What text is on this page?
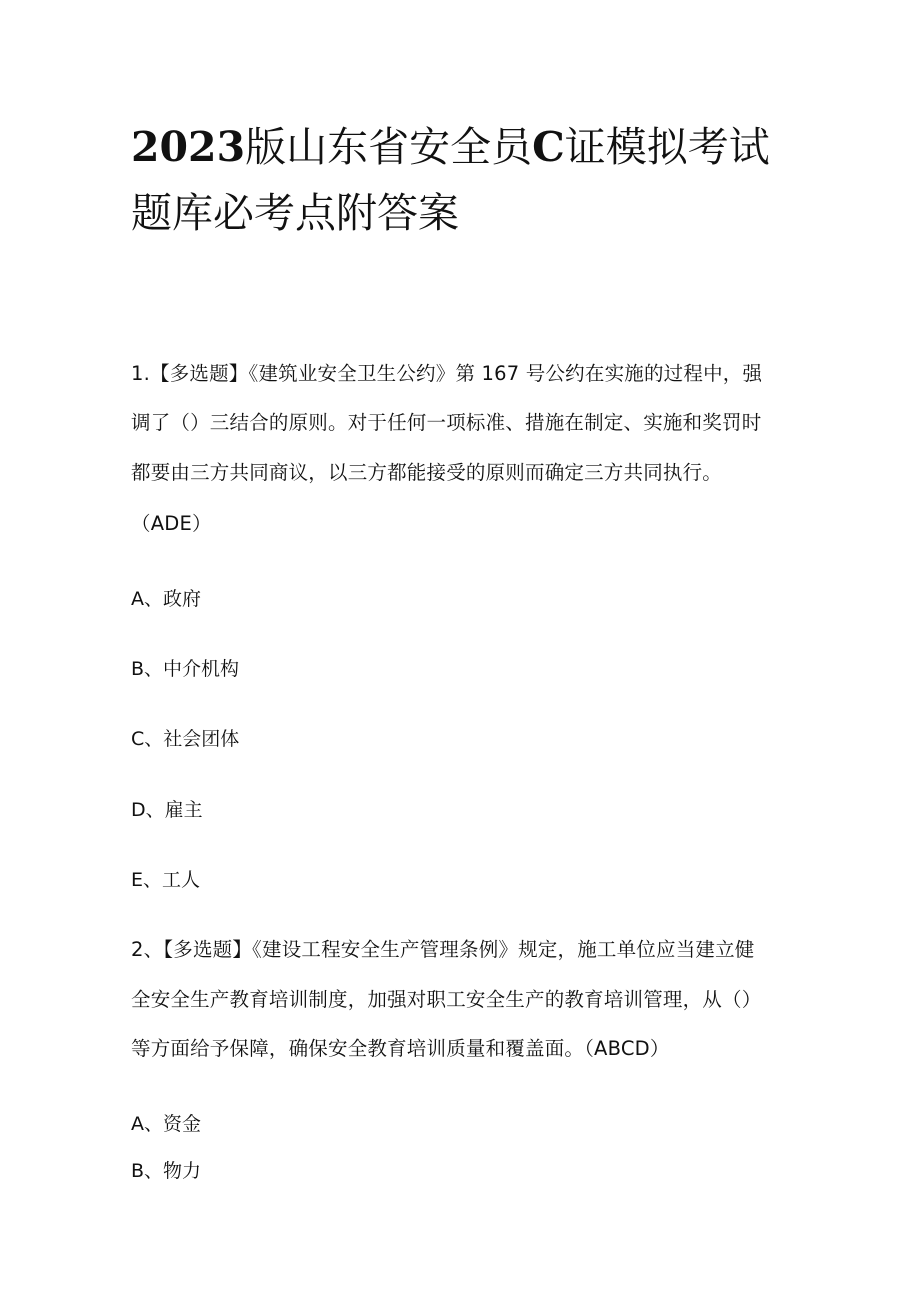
2023版山东省安全员C证模拟考试
题库必考点附答案
1.【多选题】《建筑业安全卫生公约》第 167 号公约在实施的过程中，强
调了（）三结合的原则。对于任何一项标准、措施在制定、实施和奖罚时
都要由三方共同商议，以三方都能接受的原则而确定三方共同执行。
（ADE）
A、政府
B、中介机构
C、社会团体
D、雇主
E、工人
2、【多选题】《建设工程安全生产管理条例》规定，施工单位应当建立健
全安全生产教育培训制度，加强对职工安全生产的教育培训管理，从（）
等方面给予保障，确保安全教育培训质量和覆盖面。（ABCD）
A、资金
B、物力
